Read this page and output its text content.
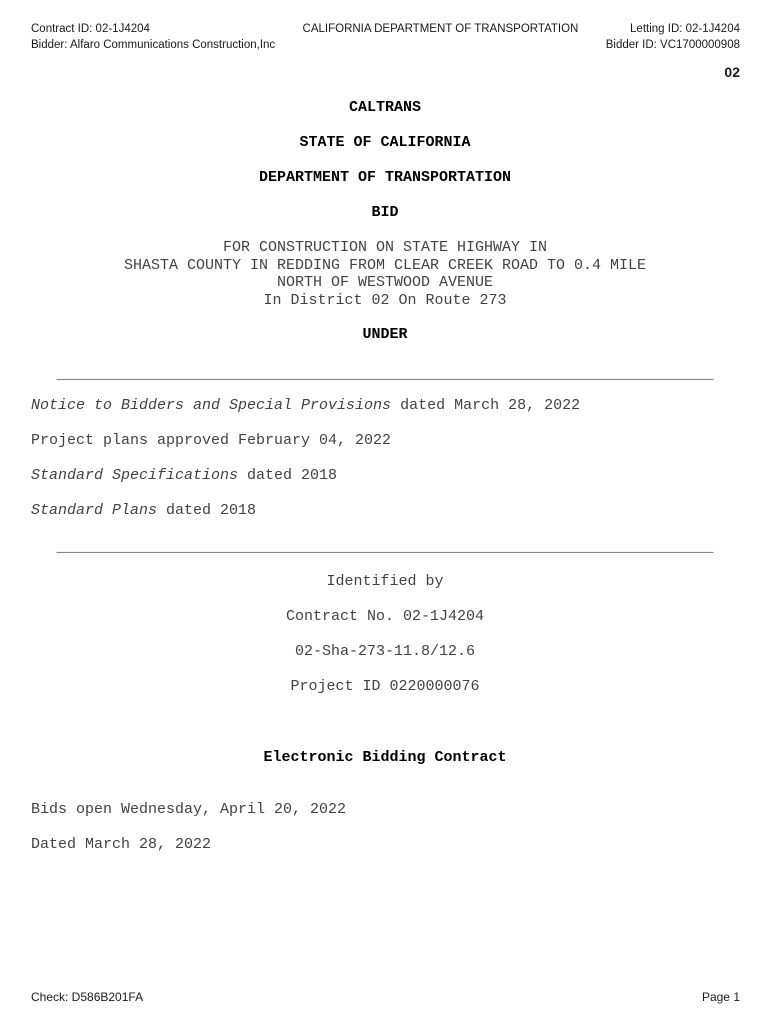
Contract ID: 02-1J4204
Bidder: Alfaro Communications Construction,Inc
CALIFORNIA DEPARTMENT OF TRANSPORTATION	Letting ID: 02-1J4204
Bidder ID: VC1700000908
02
CALTRANS
STATE OF CALIFORNIA
DEPARTMENT OF TRANSPORTATION
BID
FOR CONSTRUCTION ON STATE HIGHWAY IN
SHASTA COUNTY IN REDDING FROM CLEAR CREEK ROAD TO 0.4 MILE
NORTH OF WESTWOOD AVENUE
In District 02 On Route 273
UNDER
_________________________________________________________________________
Notice to Bidders and Special Provisions dated March 28, 2022
Project plans approved February 04, 2022
Standard Specifications dated 2018
Standard Plans dated 2018
_________________________________________________________________________
Identified by
Contract No. 02-1J4204
02-Sha-273-11.8/12.6
Project ID 0220000076
Electronic Bidding Contract
Bids open Wednesday, April 20, 2022
Dated March 28, 2022
Check: D586B201FA	Page 1
